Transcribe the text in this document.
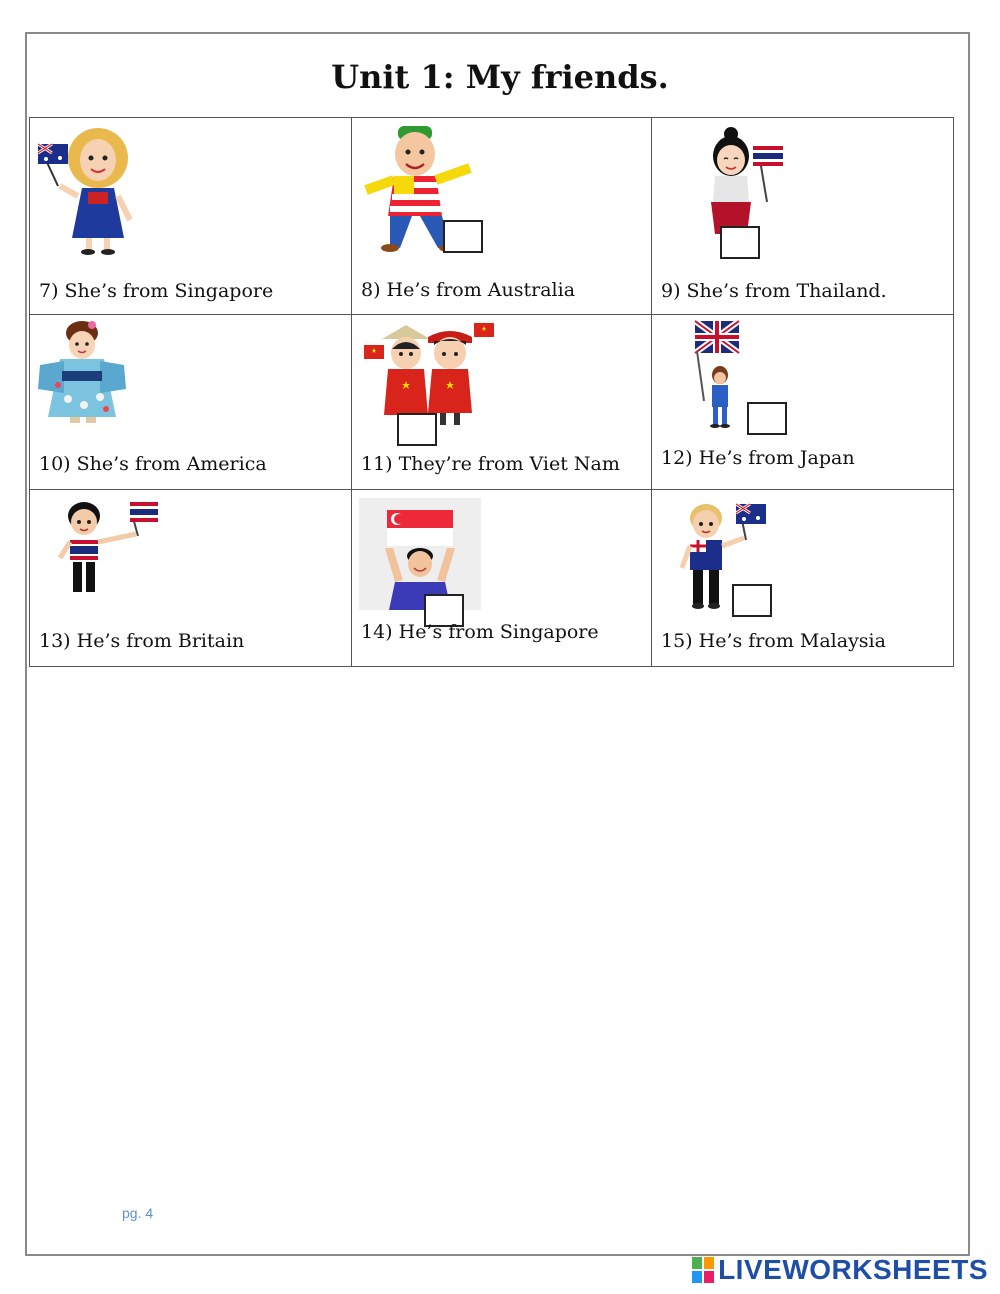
Unit 1: My friends.
7) She’s from Singapore	8) He’s from Australia	9) She’s from Thailand.

10) She’s from America	11) They’re from Viet Nam	12) He’s from Japan

13) He’s from Britain	14) He’s from Singapore	15) He’s from Malaysia
pg. 4
LIVEWORKSHEETS
